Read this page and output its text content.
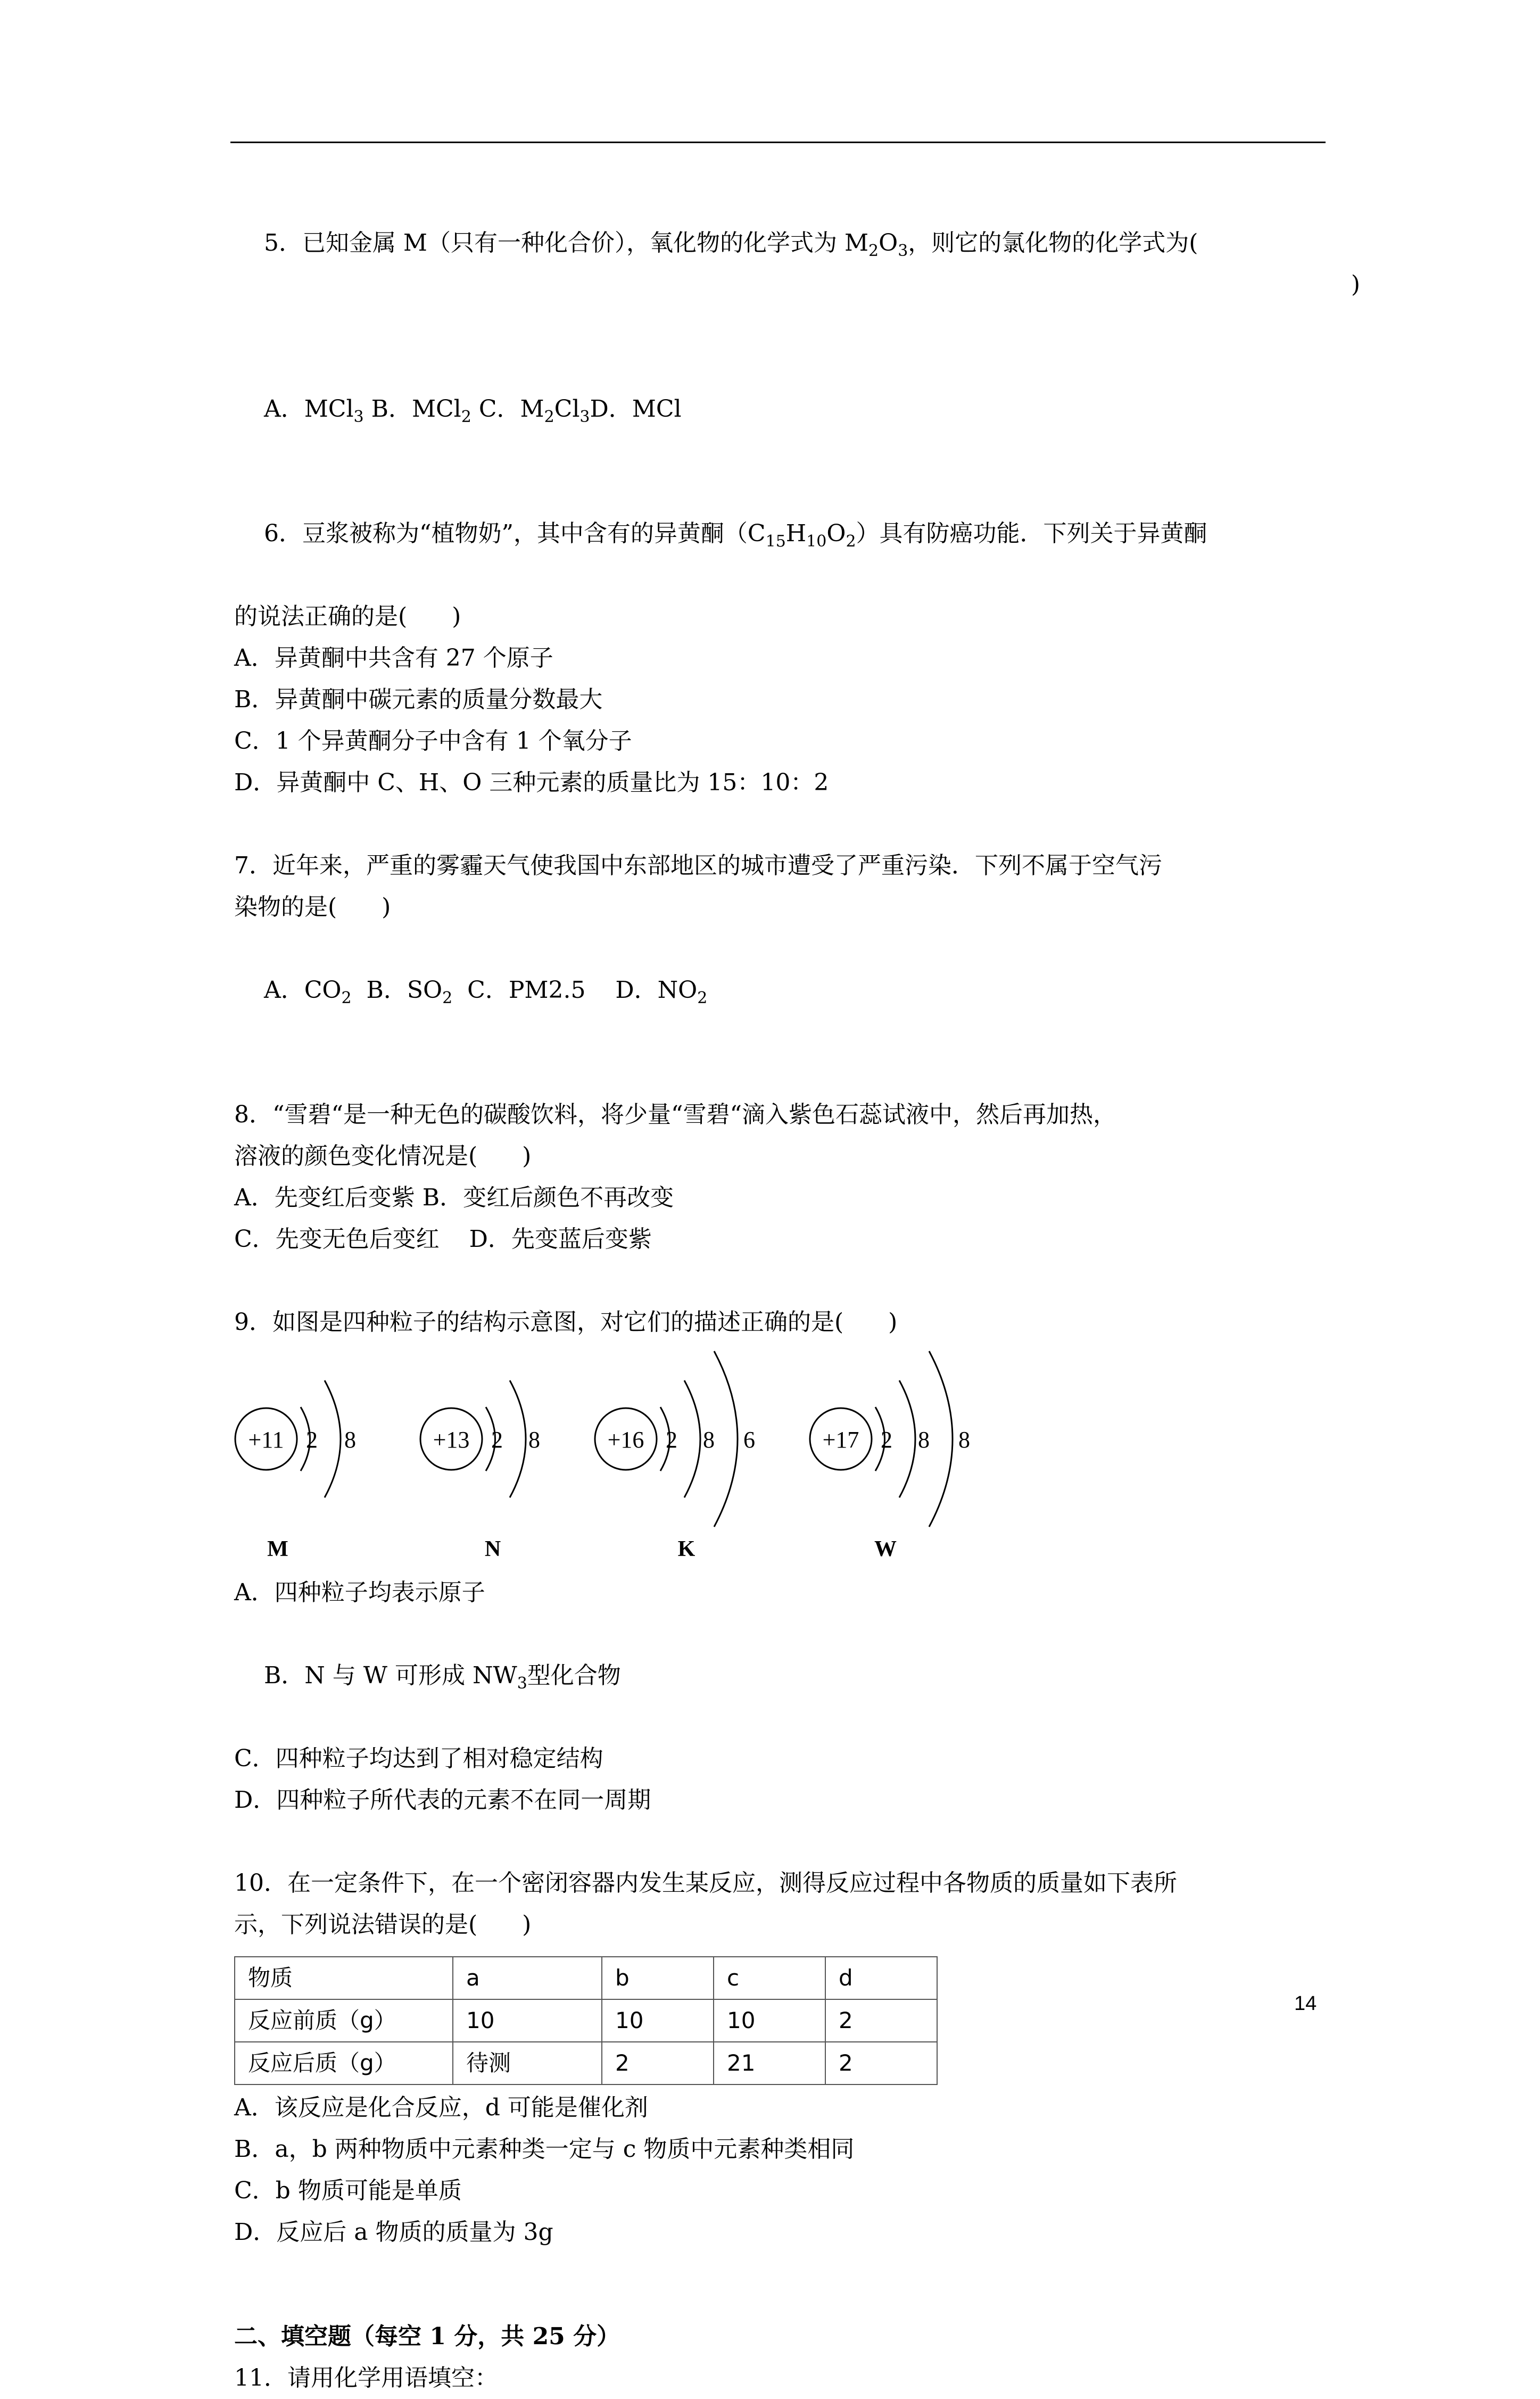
5．已知金属 M（只有一种化合价），氧化物的化学式为 $M_2O_3$，则它的氯化物的化学式为(

)

A．MCl$_3$ B．MCl$_2$ C．$M_2Cl_3D$．MCl

6．豆浆被称为“植物奶”，其中含有的异黄酮$(C_{15}H_{10}O_2)$具有防癌功能．下列关于异黄酮

的说法正确的是(      )
A．异黄酮中共含有 27 个原子
B．异黄酮中碳元素的质量分数最大
C．1 个异黄酮分子中含有 1 个氧分子
D．异黄酮中 C、H、O 三种元素的质量比为 15：10：2
7．近年来，严重的雾霾天气使我国中东部地区的城市遭受了严重污染．下列不属于空气污
染物的是(      )

A．$CO_2$  B．$SO_2$  C．PM2.5    D．$NO_2$

8．“雪碧“是一种无色的碳酸饮料，将少量“雪碧“滴入紫色石蕊试液中，然后再加热，
溶液的颜色变化情况是(      )
A．先变红后变紫 B．变红后颜色不再改变
C．先变无色后变红    D．先变蓝后变紫
9．如图是四种粒子的结构示意图，对它们的描述正确的是(      )
+11 2 8
M
+13 2 8
N
+16 2 8 6
K
+17 2 8 8
W
A．四种粒子均表示原子

B．N 与 W 可形成 $NW_3$型化合物

C．四种粒子均达到了相对稳定结构
D．四种粒子所代表的元素不在同一周期
10．在一定条件下，在一个密闭容器内发生某反应，测得反应过程中各物质的质量如下表所
示，下列说法错误的是(      )
物质	a	b	c	d
反应前质（g）	10	10	10	2
反应后质（g）	待测	2	21	2
A．该反应是化合反应，d 可能是催化剂
B．a，b 两种物质中元素种类一定与 c 物质中元素种类相同
C．b 物质可能是单质
D．反应后 a 物质的质量为 3g
二、填空题（每空 1 分，共 25 分）
11．请用化学用语填空：
14
